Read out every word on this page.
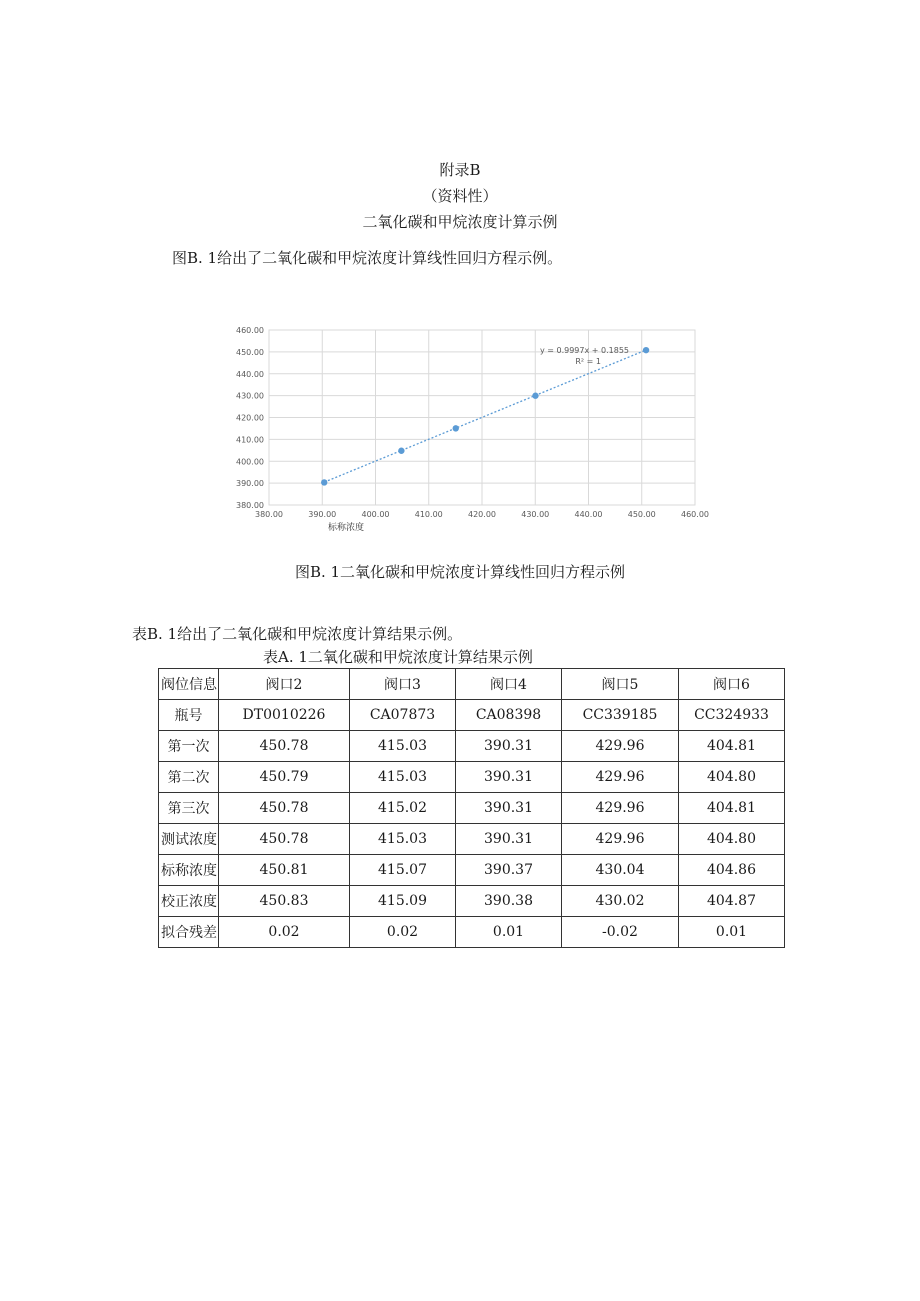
附录B
（资料性）
二氧化碳和甲烷浓度计算示例
图B. 1给出了二氧化碳和甲烷浓度计算线性回归方程示例。
380.00	390.00	400.00	410.00	420.00	430.00	440.00	450.00	460.00
380.00
390.00
400.00
410.00
420.00
430.00
440.00
450.00
460.00
y = 0.9997x + 0.1855
R² = 1
标称浓度
图B. 1二氧化碳和甲烷浓度计算线性回归方程示例
表B. 1给出了二氧化碳和甲烷浓度计算结果示例。
表A. 1二氧化碳和甲烷浓度计算结果示例
阀位信息	阀口2	阀口3	阀口4	阀口5	阀口6
瓶号	DT0010226	CA07873	CA08398	CC339185	CC324933
第一次	450.78	415.03	390.31	429.96	404.81
第二次	450.79	415.03	390.31	429.96	404.80
第三次	450.78	415.02	390.31	429.96	404.81
测试浓度	450.78	415.03	390.31	429.96	404.80
标称浓度	450.81	415.07	390.37	430.04	404.86
校正浓度	450.83	415.09	390.38	430.02	404.87
拟合残差	0.02	0.02	0.01	-0.02	0.01
